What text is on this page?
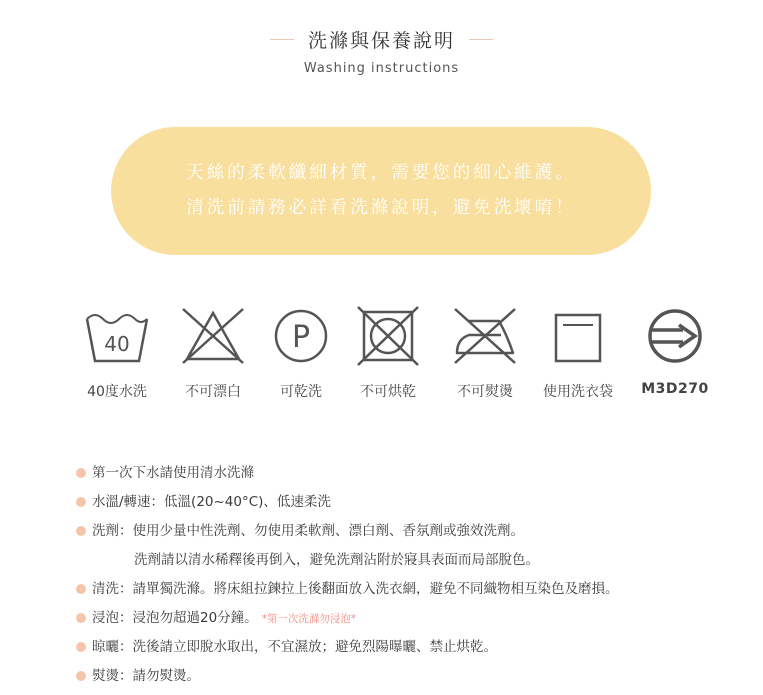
洗滌與保養說明
Washing instructions
天絲的柔軟纖細材質，需要您的細心維護。
清洗前請務必詳看洗滌說明，避免洗壞唷！
40
40度水洗	不可漂白
P
可乾洗	不可烘乾	不可熨燙	使用洗衣袋	M3D270
第一次下水請使用清水洗滌
水溫/轉速：低溫(20~40°C)、低速柔洗
洗劑：使用少量中性洗劑、勿使用柔軟劑、漂白劑、香氛劑或強效洗劑。
洗劑請以清水稀釋後再倒入，避免洗劑沾附於寢具表面而局部脫色。
清洗：請單獨洗滌。將床組拉鍊拉上後翻面放入洗衣網，避免不同織物相互染色及磨損。
浸泡：浸泡勿超過20分鐘。 *第一次洗滌勿浸泡*
晾曬：洗後請立即脫水取出，不宜濕放；避免烈陽曝曬、禁止烘乾。
熨燙：請勿熨燙。
